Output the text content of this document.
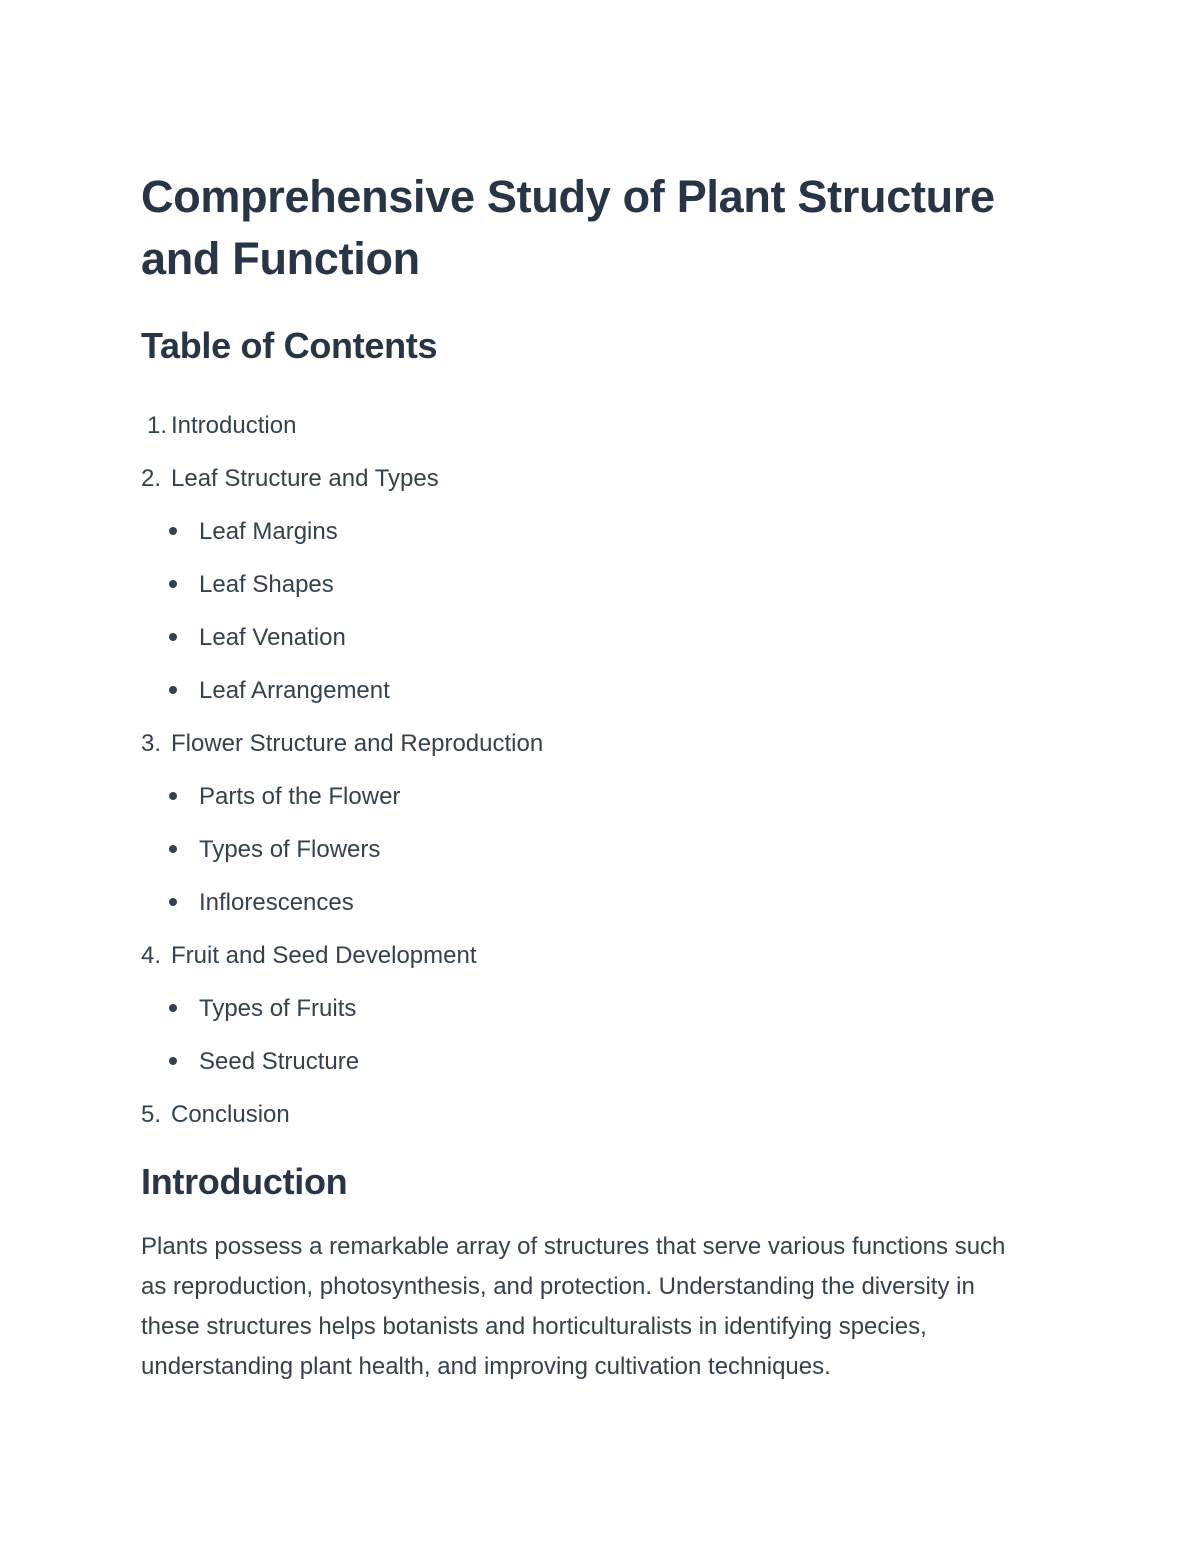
Comprehensive Study of Plant Structure and Function
Table of Contents
1. Introduction
2. Leaf Structure and Types
Leaf Margins
Leaf Shapes
Leaf Venation
Leaf Arrangement
3. Flower Structure and Reproduction
Parts of the Flower
Types of Flowers
Inflorescences
4. Fruit and Seed Development
Types of Fruits
Seed Structure
5. Conclusion
Introduction

Plants possess a remarkable array of structures that serve various functions such as reproduction, photosynthesis, and protection. Understanding the diversity in these structures helps botanists and horticulturalists in identifying species, understanding plant health, and improving cultivation techniques.
